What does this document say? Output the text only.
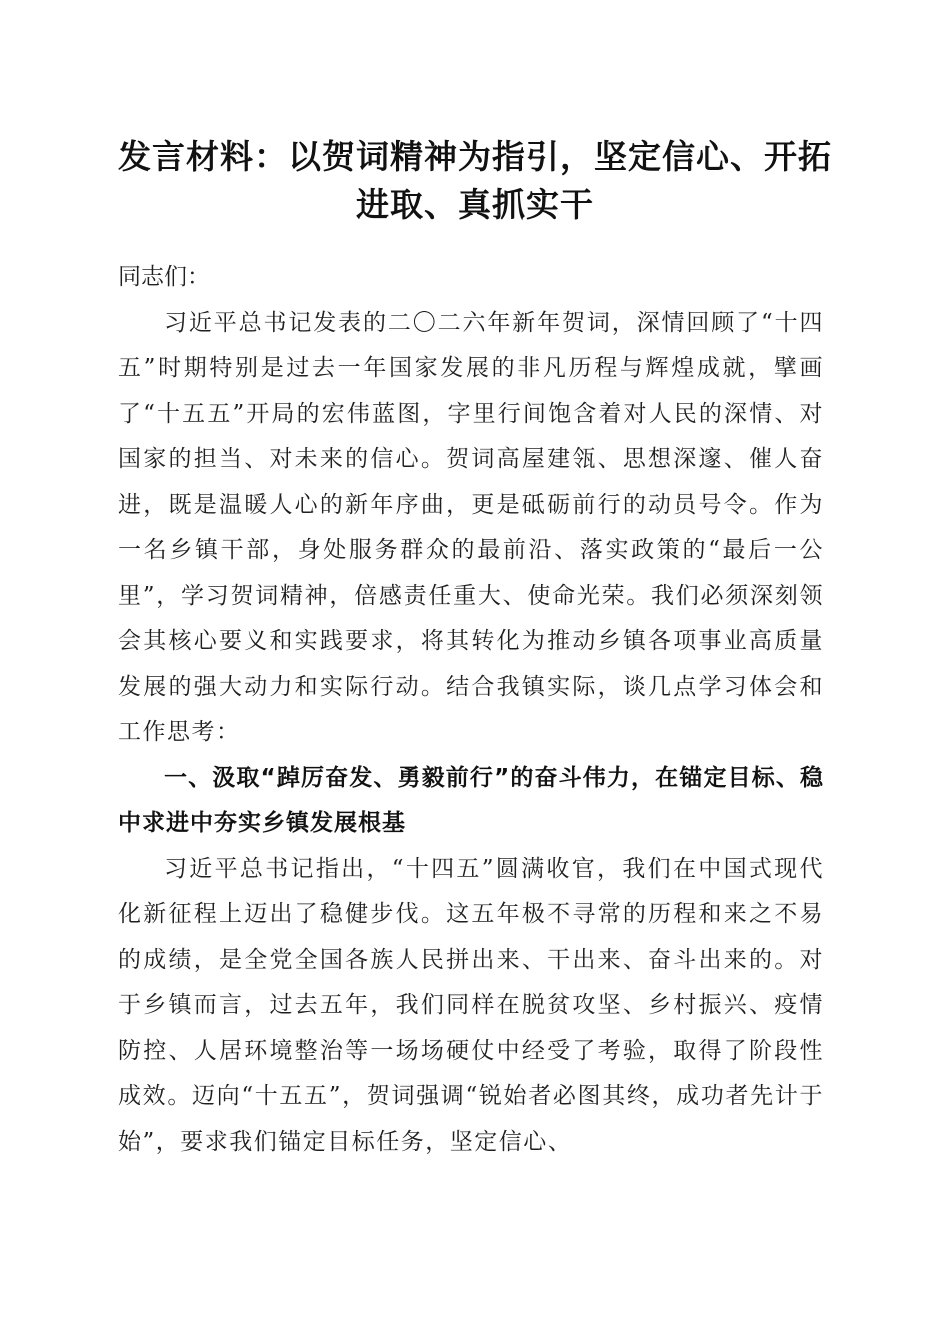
发言材料：以贺词精神为指引，坚定信心、开拓进取、真抓实干

同志们：

习近平总书记发表的二〇二六年新年贺词，深情回顾了“十四五”时期特别是过去一年国家发展的非凡历程与辉煌成就，擘画了“十五五”开局的宏伟蓝图，字里行间饱含着对人民的深情、对国家的担当、对未来的信心。贺词高屋建瓴、思想深邃、催人奋进，既是温暖人心的新年序曲，更是砥砺前行的动员号令。作为一名乡镇干部，身处服务群众的最前沿、落实政策的“最后一公里”，学习贺词精神，倍感责任重大、使命光荣。我们必须深刻领会其核心要义和实践要求，将其转化为推动乡镇各项事业高质量发展的强大动力和实际行动。结合我镇实际，谈几点学习体会和工作思考：

一、汲取“踔厉奋发、勇毅前行”的奋斗伟力，在锚定目标、稳中求进中夯实乡镇发展根基

习近平总书记指出，“十四五”圆满收官，我们在中国式现代化新征程上迈出了稳健步伐。这五年极不寻常的历程和来之不易的成绩，是全党全国各族人民拼出来、干出来、奋斗出来的。对于乡镇而言，过去五年，我们同样在脱贫攻坚、乡村振兴、疫情防控、人居环境整治等一场场硬仗中经受了考验，取得了阶段性成效。迈向“十五五”，贺词强调“锐始者必图其终，成功者先计于始”，要求我们锚定目标任务，坚定信心、
